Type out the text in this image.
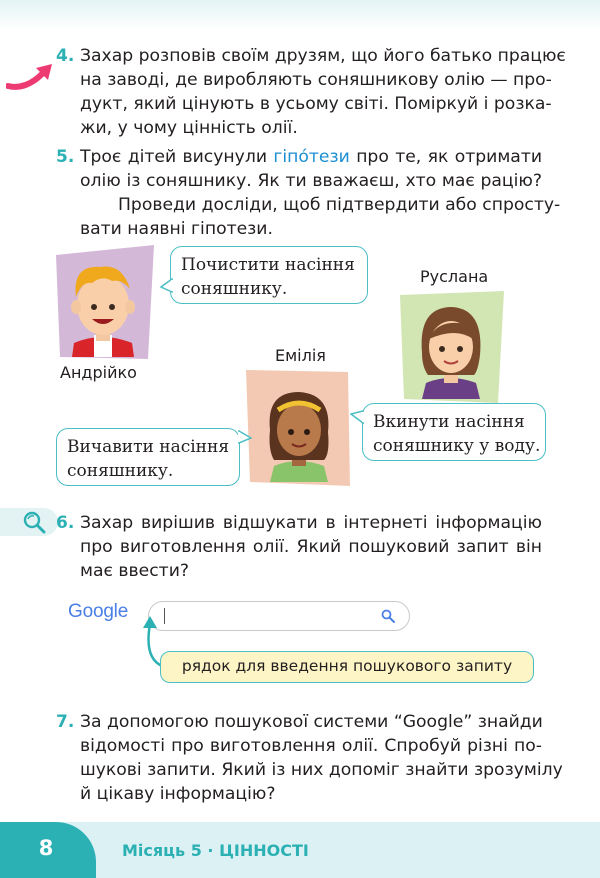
4. Захар розповів своїм друзям, що його батько працює
на заводі, де виробляють соняшникову олію — про-
дукт, який цінують в усьому світі. Поміркуй і розка-
жи, у чому цінність олії.
5. Троє дітей висунули гіпо́тези про те, як отримати
олію із соняшнику. Як ти вважаєш, хто має рацію?
Проведи досліди, щоб підтвердити або спросту-
вати наявні гіпотези.
Андрійко
Почистити насіння
соняшнику.
Руслана
Вкинути насіння
соняшнику у воду.
Емілія
Вичавити насіння
соняшнику.
6. Захар вирішив відшукати в інтернеті інформацію
про виготовлення олії. Який пошуковий запит він
має ввести?
Google
рядок для введення пошукового запиту
7. За допомогою пошукової системи “Google” знайди
відомості про виготовлення олії. Спробуй різні по-
шукові запити. Який із них допоміг знайти зрозумілу
й цікаву інформацію?
8	Місяць 5 · ЦІННОСТІ
